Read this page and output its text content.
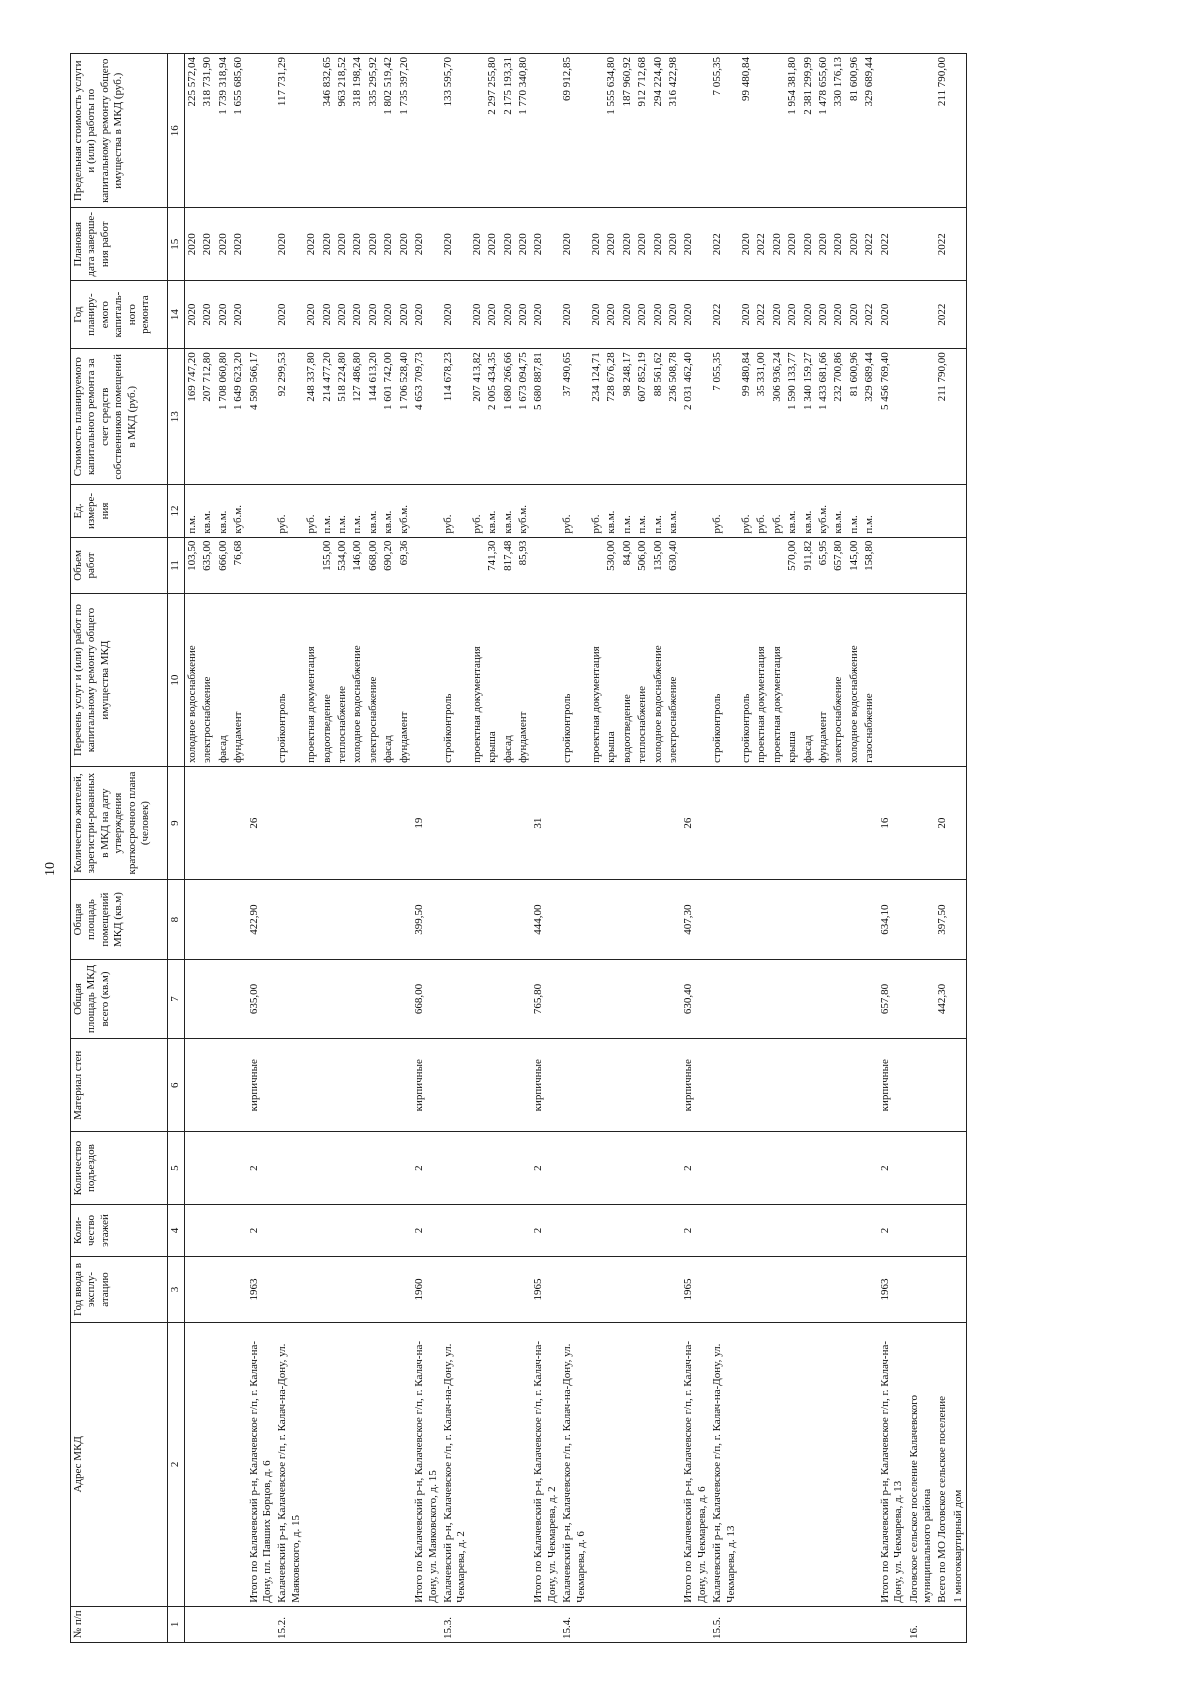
10
№ п/п	Адрес МКД	Год ввода в эксплу-атацию	Коли-чество этажей	Количество подъездов	Материал стен	Общая площадь МКД всего (кв.м)	Общая площадь помещений МКД (кв.м)	Количество жителей, зарегистри-рованных в МКД на дату утверждения краткосрочного плана (человек)	Перечень услуг и (или) работ по капитальному ремонту общего имущества МКД	Объем работ	Ед. измере-ния	Стоимость планируемого капитального ремонта за счет средств собственников помещений в МКД (руб.)	Год планиру-емого капиталь-ного ремонта	Плановая дата заверше-ния работ	Предельная стоимость услуги и (или) работы по капитальному ремонту общего имущества в МКД (руб.)
1	2	3	4	5	6	7	8	9	10	11	12	13	14	15	16
									холодное водоснабжение	103,50	п.м.	169 747,20	2020	2020	225 572,04
									электроснабжение	635,00	кв.м.	207 712,80	2020	2020	318 731,90
									фасад	666,00	кв.м.	1 708 060,80	2020	2020	1 739 318,94
									фундамент	76,68	куб.м.	1 649 623,20	2020	2020	1 655 685,60
	Итого по Калачевский р-н, Калачевское г/п, г. Калач-на-Дону, пл. Павших Борцов, д. 6	1963	2	2	кирпичные	635,00	422,90	26				4 590 566,17			
15.2.	Калачевский р-н, Калачевское г/п, г. Калач-на-Дону, ул. Маяковского, д. 15								стройконтроль		руб.	92 299,53	2020	2020	117 731,29
									проектная документация		руб.	248 337,80	2020	2020	
									водоотведение	155,00	п.м.	214 477,20	2020	2020	346 832,65
									теплоснабжение	534,00	п.м.	518 224,80	2020	2020	963 218,52
									холодное водоснабжение	146,00	п.м.	127 486,80	2020	2020	318 198,24
									электроснабжение	668,00	кв.м.	144 613,20	2020	2020	335 295,92
									фасад	690,20	кв.м.	1 601 742,00	2020	2020	1 802 519,42
									фундамент	69,36	куб.м.	1 706 528,40	2020	2020	1 735 397,20
	Итого по Калачевский р-н, Калачевское г/п, г. Калач-на-Дону, ул. Маяковского, д. 15	1960	2	2	кирпичные	668,00	399,50	19				4 653 709,73	2020	2020	
15.3.	Калачевский р-н, Калачевское г/п, г. Калач-на-Дону, ул. Чекмарева, д. 2								стройконтроль		руб.	114 678,23	2020	2020	133 595,70
									проектная документация		руб.	207 413,82	2020	2020	
									крыша	741,30	кв.м.	2 005 434,35	2020	2020	2 297 255,80
									фасад	817,48	кв.м.	1 680 266,66	2020	2020	2 175 193,31
									фундамент	85,93	куб.м.	1 673 094,75	2020	2020	1 770 340,80
	Итого по Калачевский р-н, Калачевское г/п, г. Калач-на-Дону, ул. Чекмарева, д. 2	1965	2	2	кирпичные	765,80	444,00	31				5 680 887,81	2020	2020	
15.4.	Калачевский р-н, Калачевское г/п, г. Калач-на-Дону, ул. Чекмарева, д. 6								стройконтроль		руб.	37 490,65	2020	2020	69 912,85
									проектная документация		руб.	234 124,71	2020	2020	
									крыша	530,00	кв.м.	728 676,28	2020	2020	1 555 634,80
									водоотведение	84,00	п.м.	98 248,17	2020	2020	187 960,92
									теплоснабжение	506,00	п.м.	607 852,19	2020	2020	912 712,68
									холодное водоснабжение	135,00	п.м.	88 561,62	2020	2020	294 224,40
									электроснабжение	630,40	кв.м.	236 508,78	2020	2020	316 422,98
	Итого по Калачевский р-н, Калачевское г/п, г. Калач-на-Дону, ул. Чекмарева, д. 6	1965	2	2	кирпичные	630,40	407,30	26				2 031 462,40	2020	2020	
15.5.	Калачевский р-н, Калачевское г/п, г. Калач-на-Дону, ул. Чекмарева, д. 13								стройконтроль		руб.	7 055,35	2022	2022	7 055,35
									стройконтроль		руб.	99 480,84	2020	2020	99 480,84
									проектная документация		руб.	35 331,00	2022	2022	
									проектная документация		руб.	306 936,24	2020	2020	
									крыша	570,00	кв.м.	1 590 133,77	2020	2020	1 954 381,80
									фасад	911,82	кв.м.	1 340 159,27	2020	2020	2 381 299,99
									фундамент	65,95	куб.м.	1 433 681,66	2020	2020	1 478 655,60
									электроснабжение	657,80	кв.м.	232 700,86	2020	2020	330 176,13
									холодное водоснабжение	145,00	п.м.	81 600,96	2020	2020	81 600,96
									газоснабжение	158,80	п.м.	329 689,44	2022	2022	329 689,44
	Итого по Калачевский р-н, Калачевское г/п, г. Калач-на-Дону, ул. Чекмарева, д. 13	1963	2	2	кирпичные	657,80	634,10	16				5 456 769,40	2020	2022	
16.	Логовское сельское поселение Калачевского муниципального района														
	Всего по МО Логовское сельское поселение					442,30	397,50	20				211 790,00	2022	2022	211 790,00
	1 многоквартирный дом														
